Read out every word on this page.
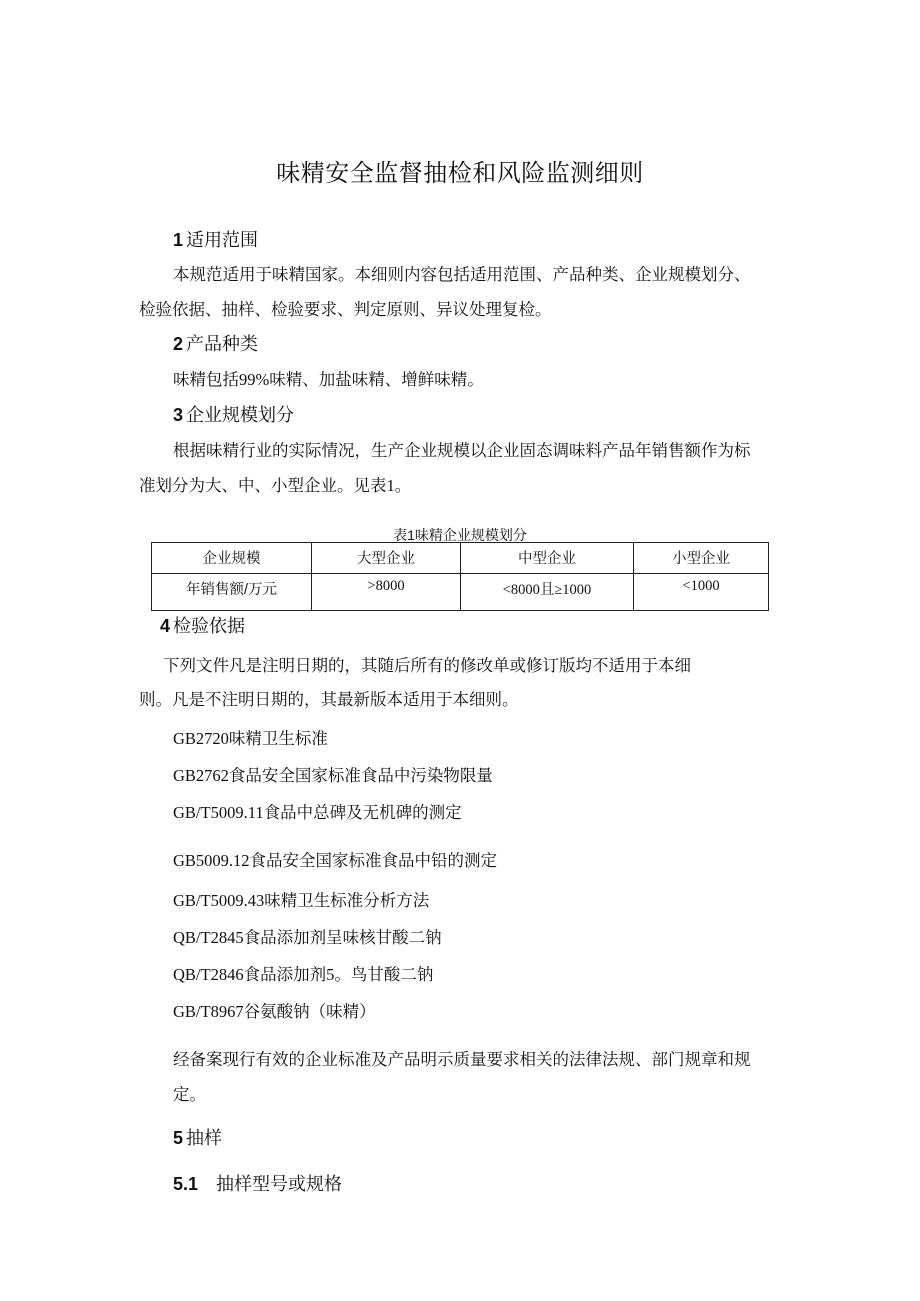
味精安全监督抽检和风险监测细则
1 适用范围
本规范适用于味精国家。本细则内容包括适用范围、产品种类、企业规模划分、
检验依据、抽样、检验要求、判定原则、异议处理复检。
2 产品种类
味精包括99%味精、加盐味精、增鲜味精。
3 企业规模划分
根据味精行业的实际情况，生产企业规模以企业固态调味料产品年销售额作为标
准划分为大、中、小型企业。见表1。
表1味精企业规模划分
企业规模	大型企业	中型企业	小型企业
年销售额/万元	>8000	<8000且≥1000	<1000
4 检验依据
下列文件凡是注明日期的，其随后所有的修改单或修订版均不适用于本细
则。凡是不注明日期的，其最新版本适用于本细则。
GB2720味精卫生标准
GB2762食品安全国家标准食品中污染物限量
GB/T5009.11食品中总碑及无机碑的测定
GB5009.12食品安全国家标准食品中铅的测定
GB/T5009.43味精卫生标准分析方法
QB/T2845食品添加剂呈味核甘酸二钠
QB/T2846食品添加剂5。鸟甘酸二钠
GB/T8967谷氨酸钠（味精）
经备案现行有效的企业标准及产品明示质量要求相关的法律法规、部门规章和规
定。
5 抽样
5.1 抽样型号或规格
